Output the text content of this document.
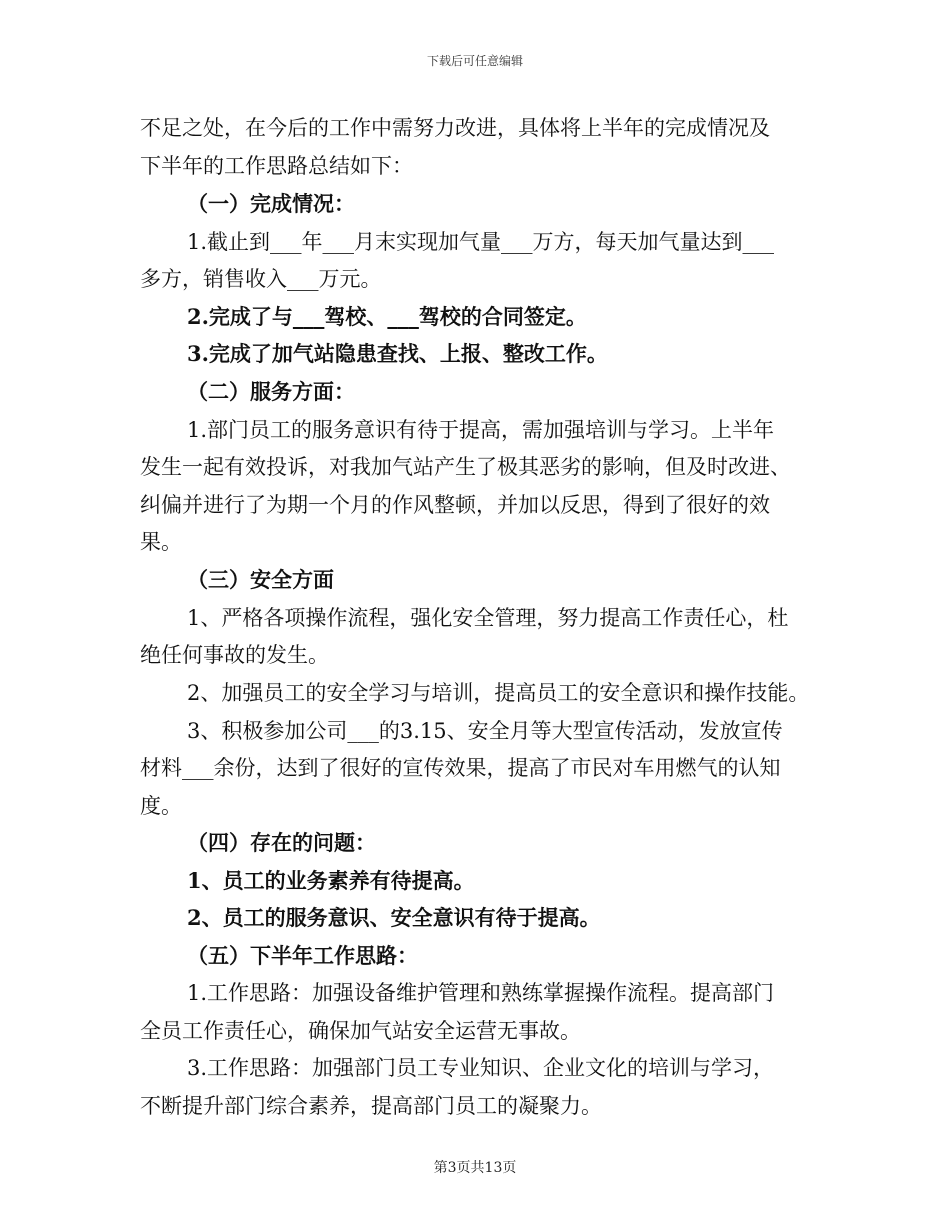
下载后可任意编辑
不足之处，在今后的工作中需努力改进，具体将上半年的完成情况及
下半年的工作思路总结如下：
（一）完成情况：
1.截止到___年___月末实现加气量___万方，每天加气量达到___
多方，销售收入___万元。
2.完成了与___驾校、___驾校的合同签定。
3.完成了加气站隐患查找、上报、整改工作。
（二）服务方面：
1.部门员工的服务意识有待于提高，需加强培训与学习。上半年
发生一起有效投诉，对我加气站产生了极其恶劣的影响，但及时改进、
纠偏并进行了为期一个月的作风整顿，并加以反思，得到了很好的效
果。
（三）安全方面
1、严格各项操作流程，强化安全管理，努力提高工作责任心，杜
绝任何事故的发生。
2、加强员工的安全学习与培训，提高员工的安全意识和操作技能。
3、积极参加公司___的3.15、安全月等大型宣传活动，发放宣传
材料___余份，达到了很好的宣传效果，提高了市民对车用燃气的认知
度。
（四）存在的问题：
1、员工的业务素养有待提高。
2、员工的服务意识、安全意识有待于提高。
（五）下半年工作思路：
1.工作思路：加强设备维护管理和熟练掌握操作流程。提高部门
全员工作责任心，确保加气站安全运营无事故。
3.工作思路：加强部门员工专业知识、企业文化的培训与学习，
不断提升部门综合素养，提高部门员工的凝聚力。
第3页共13页
